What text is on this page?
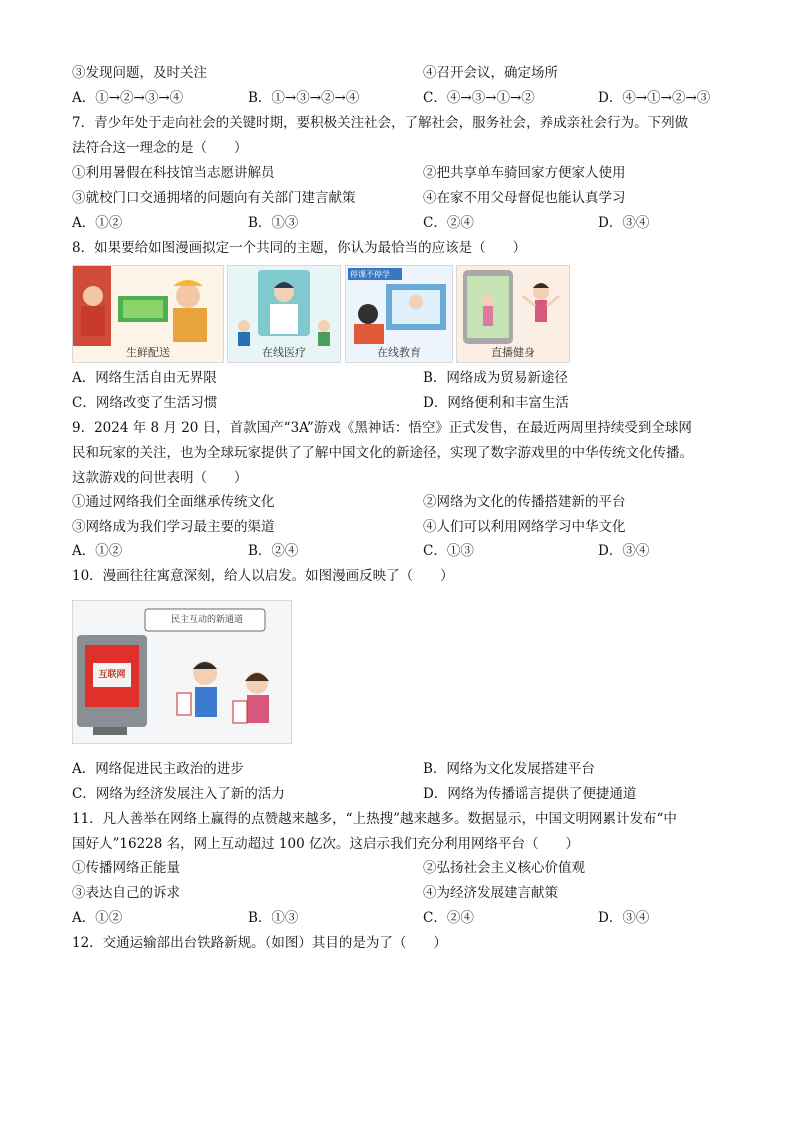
③发现问题，及时关注	④召开会议，确定场所
A．①→②→③→④	B．①→③→②→④	C．④→③→①→②	D．④→①→②→③
7．青少年处于走向社会的关键时期，要积极关注社会，了解社会，服务社会，养成亲社会行为。下列做
法符合这一理念的是（　　）
①利用暑假在科技馆当志愿讲解员	②把共享单车骑回家方便家人使用
③就校门口交通拥堵的问题向有关部门建言献策	④在家不用父母督促也能认真学习
A．①②	B．①③	C．②④	D．③④
8．如果要给如图漫画拟定一个共同的主题，你认为最恰当的应该是（　　）
生鲜配送	在线医疗
停课不停学
在线教育	直播健身
A．网络生活自由无界限	B．网络成为贸易新途径
C．网络改变了生活习惯	D．网络便利和丰富生活
9．2024 年 8 月 20 日，首款国产“3A”游戏《黑神话：悟空》正式发售，在最近两周里持续受到全球网
民和玩家的关注，也为全球玩家提供了了解中国文化的新途径，实现了数字游戏里的中华传统文化传播。
这款游戏的问世表明（　　）
①通过网络我们全面继承传统文化	②网络为文化的传播搭建新的平台
③网络成为我们学习最主要的渠道	④人们可以利用网络学习中华文化
A．①②	B．②④	C．①③	D．③④
10．漫画往往寓意深刻，给人以启发。如图漫画反映了（　　）
民主互动的新通道
互联网
A．网络促进民主政治的进步	B．网络为文化发展搭建平台
C．网络为经济发展注入了新的活力	D．网络为传播谣言提供了便捷通道
11．凡人善举在网络上赢得的点赞越来越多，“上热搜”越来越多。数据显示，中国文明网累计发布“中
国好人”16228 名，网上互动超过 100 亿次。这启示我们充分利用网络平台（　　）
①传播网络正能量	②弘扬社会主义核心价值观
③表达自己的诉求	④为经济发展建言献策
A．①②	B．①③	C．②④	D．③④
12．交通运输部出台铁路新规。（如图）其目的是为了（　　）
